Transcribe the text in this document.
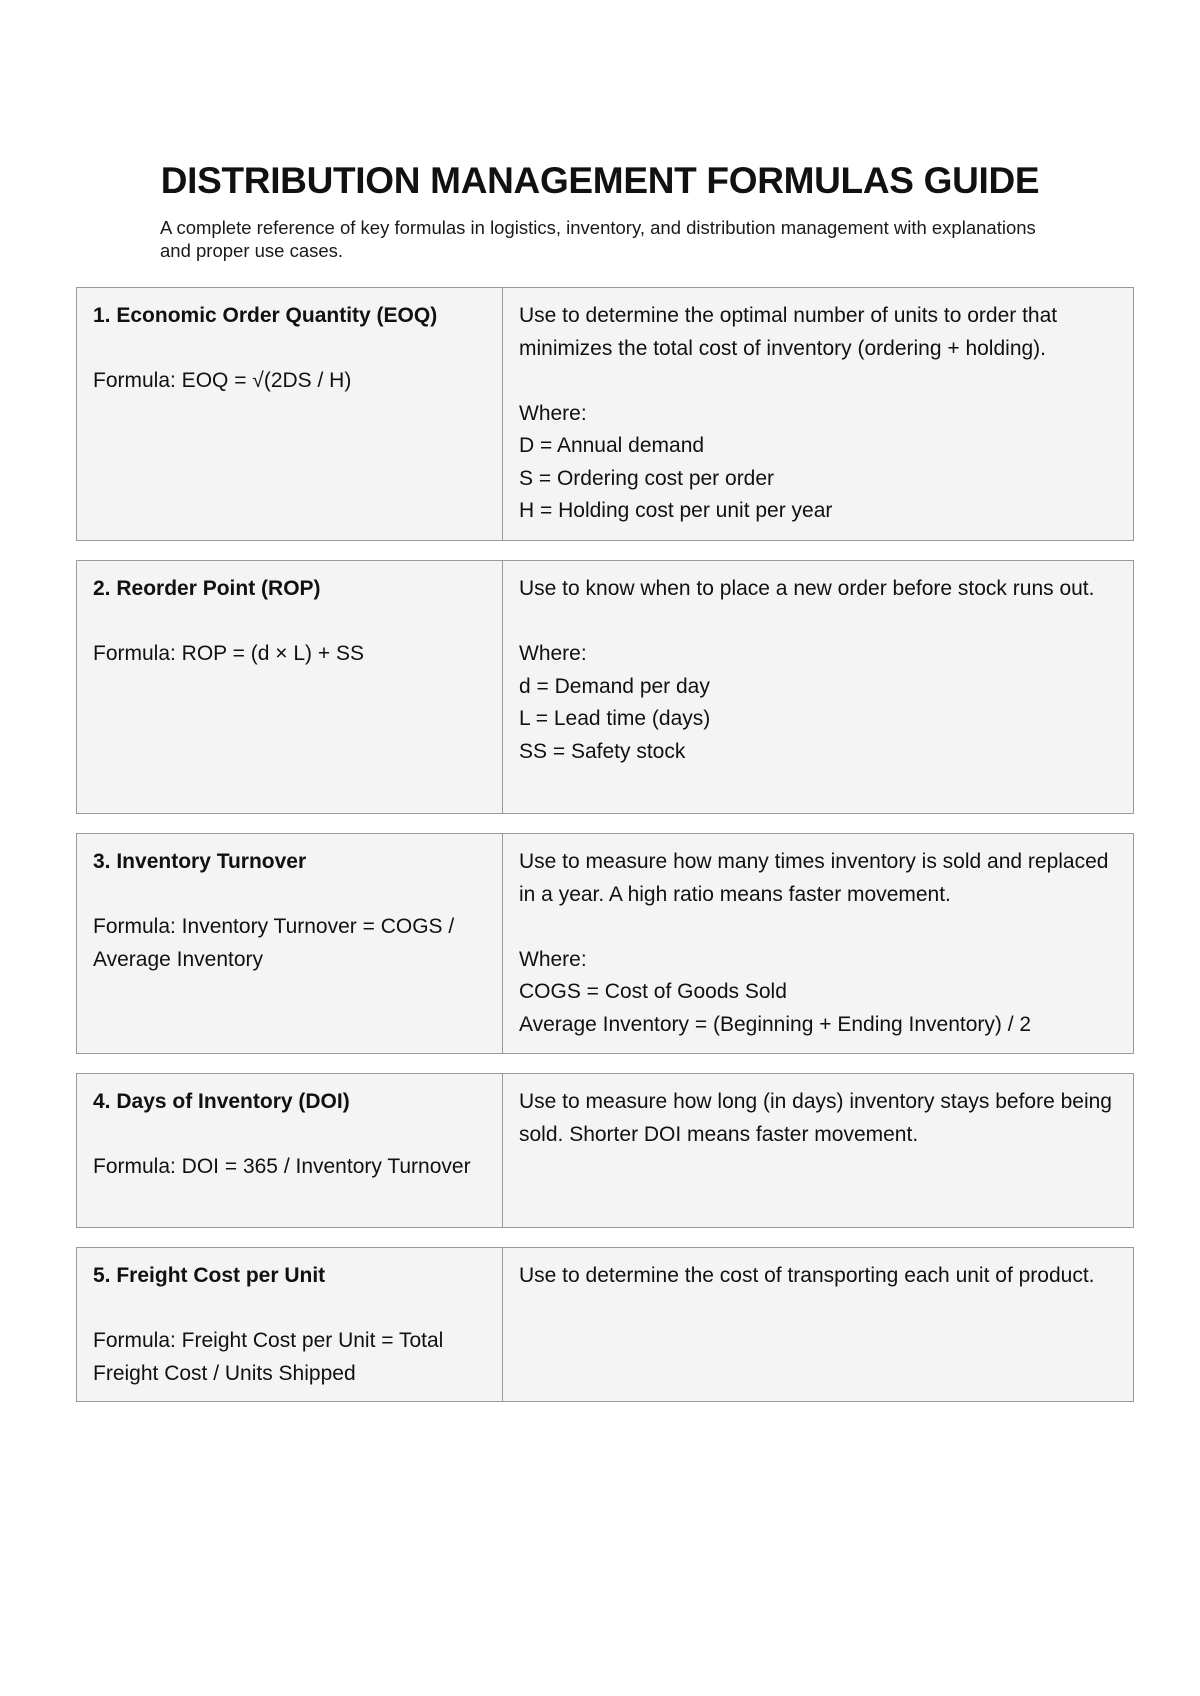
DISTRIBUTION MANAGEMENT FORMULAS GUIDE

A complete reference of key formulas in logistics, inventory, and distribution management with explanations and proper use cases.

1. Economic Order Quantity (EOQ)

Formula: EOQ = √(2DS / H)

Use to determine the optimal number of units to order that minimizes the total cost of inventory (ordering + holding).

Where:

D = Annual demand

S = Ordering cost per order

H = Holding cost per unit per year

2. Reorder Point (ROP)

Formula: ROP = (d × L) + SS

Use to know when to place a new order before stock runs out.

Where:

d = Demand per day

L = Lead time (days)

SS = Safety stock

3. Inventory Turnover

Formula: Inventory Turnover = COGS / Average Inventory

Use to measure how many times inventory is sold and replaced in a year. A high ratio means faster movement.

Where:

COGS = Cost of Goods Sold

Average Inventory = (Beginning + Ending Inventory) / 2

4. Days of Inventory (DOI)

Formula: DOI = 365 / Inventory Turnover

Use to measure how long (in days) inventory stays before being sold. Shorter DOI means faster movement.

5. Freight Cost per Unit

Formula: Freight Cost per Unit = Total Freight Cost / Units Shipped

Use to determine the cost of transporting each unit of product.
